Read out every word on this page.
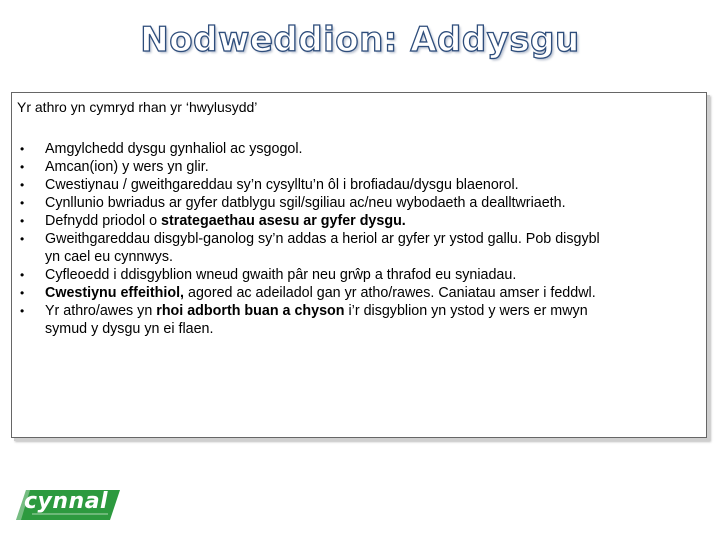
Nodweddion: Addysgu
Yr athro yn cymryd rhan yr ‘hwylusydd’
• Amgylchedd dysgu gynhaliol ac ysgogol.
• Amcan(ion) y wers yn glir.
• Cwestiynau / gweithgareddau sy’n cysylltu’n ôl i brofiadau/dysgu blaenorol.
• Cynllunio bwriadus ar gyfer datblygu sgil/sgiliau ac/neu wybodaeth a dealltwriaeth.
• Defnydd priodol o strategaethau asesu ar gyfer dysgu.
• Gweithgareddau disgybl-ganolog sy’n addas a heriol ar gyfer yr ystod gallu. Pob disgybl
yn cael eu cynnwys.
• Cyfleoedd i ddisgyblion wneud gwaith pâr neu grŵp a thrafod eu syniadau.
• Cwestiynu effeithiol, agored ac adeiladol gan yr atho/rawes. Caniatau amser i feddwl.
• Yr athro/awes yn rhoi adborth buan a chyson i’r disgyblion yn ystod y wers er mwyn
symud y dysgu yn ei flaen.
cynnal
